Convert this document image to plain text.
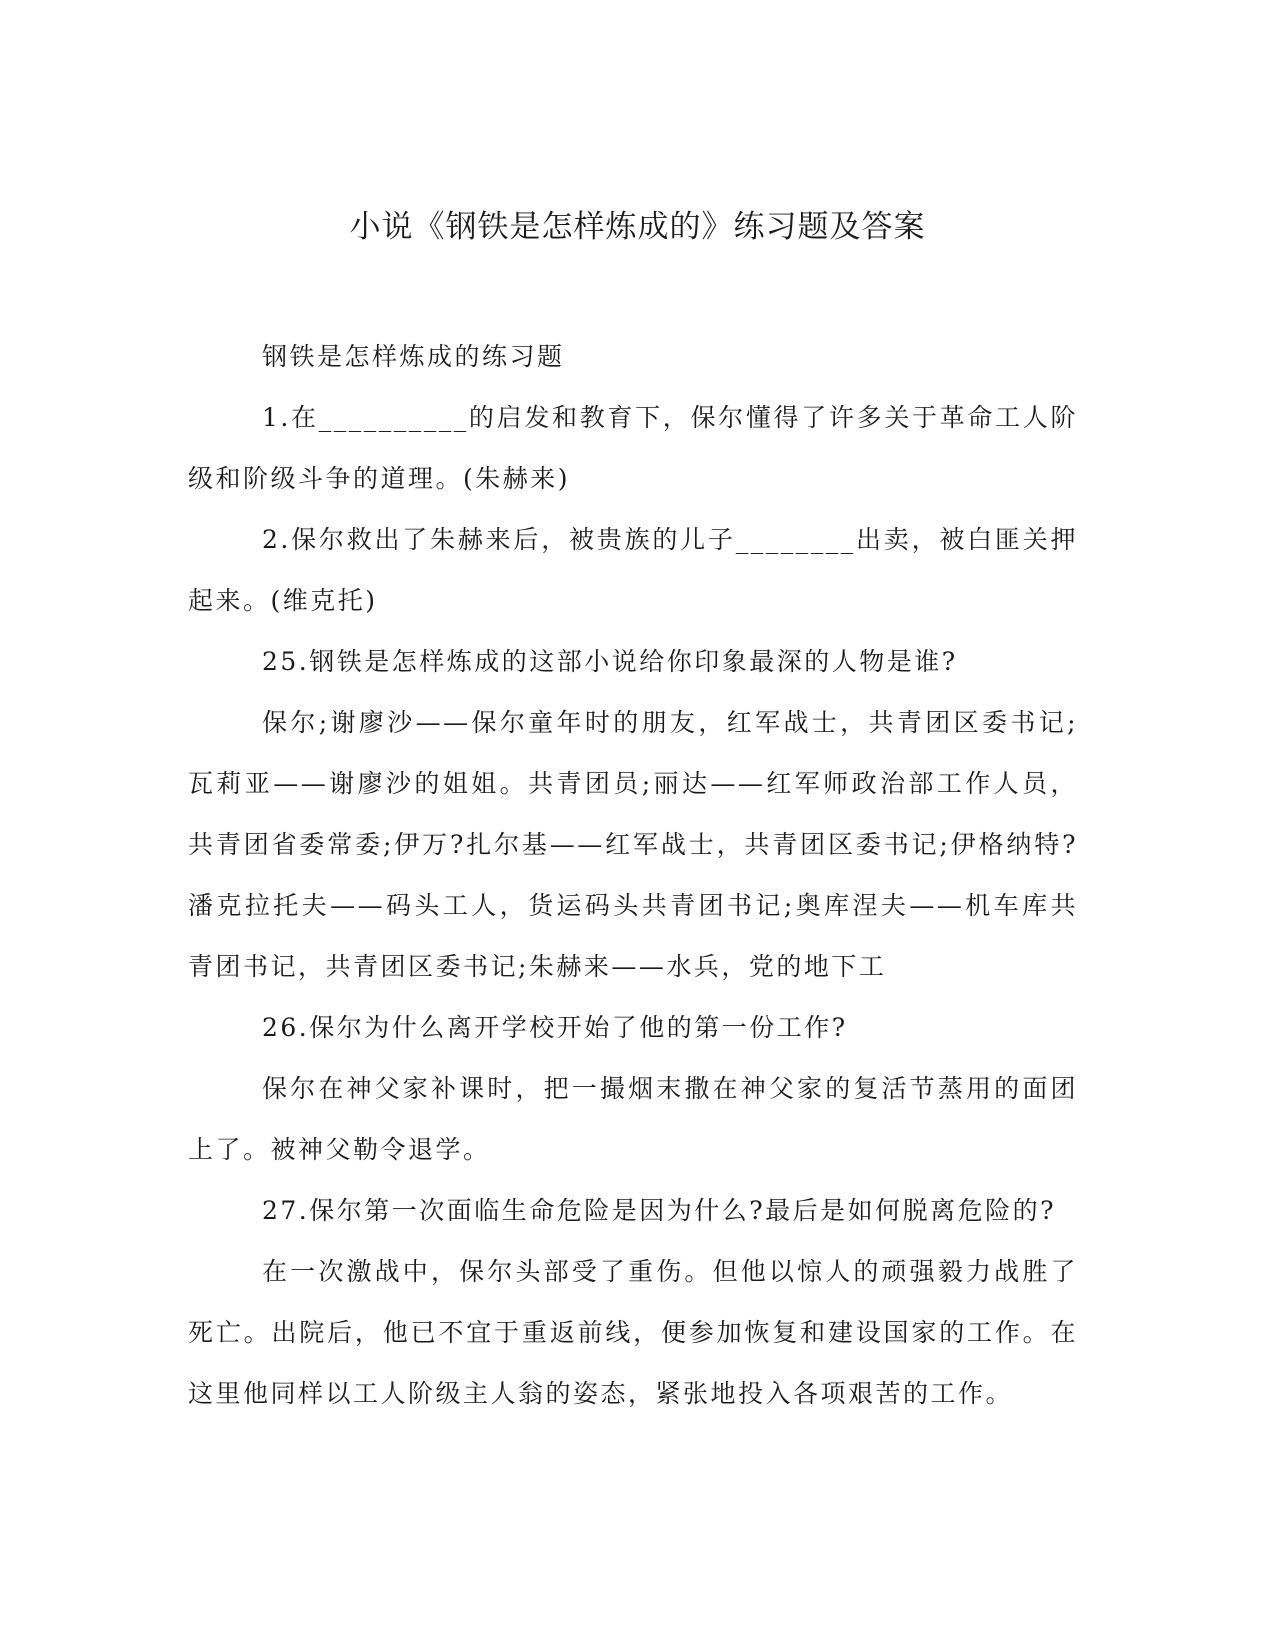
小说《钢铁是怎样炼成的》练习题及答案

钢铁是怎样炼成的练习题

1.在__________的启发和教育下，保尔懂得了许多关于革命工人阶级和阶级斗争的道理。(朱赫来)

2.保尔救出了朱赫来后，被贵族的儿子________出卖，被白匪关押起来。(维克托)

25.钢铁是怎样炼成的这部小说给你印象最深的人物是谁?

保尔;谢廖沙——保尔童年时的朋友，红军战士，共青团区委书记;瓦莉亚——谢廖沙的姐姐。共青团员;丽达——红军师政治部工作人员，共青团省委常委;伊万?扎尔基——红军战士，共青团区委书记;伊格纳特?潘克拉托夫——码头工人，货运码头共青团书记;奥库涅夫——机车库共青团书记，共青团区委书记;朱赫来——水兵，党的地下工

26.保尔为什么离开学校开始了他的第一份工作?

保尔在神父家补课时，把一撮烟末撒在神父家的复活节蒸用的面团上了。被神父勒令退学。

27.保尔第一次面临生命危险是因为什么?最后是如何脱离危险的?

在一次激战中，保尔头部受了重伤。但他以惊人的顽强毅力战胜了死亡。出院后，他已不宜于重返前线，便参加恢复和建设国家的工作。在这里他同样以工人阶级主人翁的姿态，紧张地投入各项艰苦的工作。
